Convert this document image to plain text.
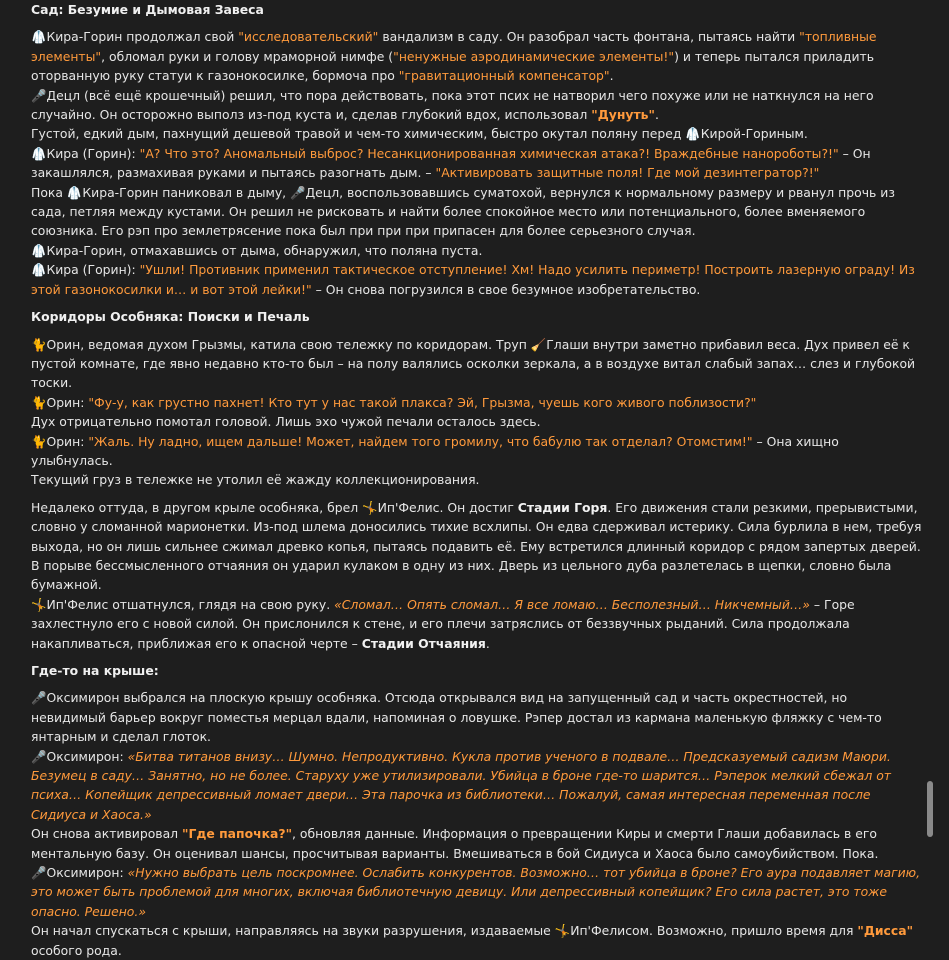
Сад: Безумие и Дымовая Завеса

🥼Кира-Горин продолжал свой "исследовательский" вандализм в саду. Он разобрал часть фонтана, пытаясь найти "топливные элементы", обломал руки и голову мраморной нимфе ("ненужные аэродинамические элементы!") и теперь пытался приладить оторванную руку статуи к газонокосилке, бормоча про "гравитационный компенсатор".

🎤Децл (всё ещё крошечный) решил, что пора действовать, пока этот псих не натворил чего похуже или не наткнулся на него случайно. Он осторожно выполз из-под куста и, сделав глубокий вдох, использовал "Дунуть".

Густой, едкий дым, пахнущий дешевой травой и чем-то химическим, быстро окутал поляну перед 🥼Кирой-Гориным.

🥼Кира (Горин): "А? Что это? Аномальный выброс? Несанкционированная химическая атака?! Враждебные нанороботы?!" – Он закашлялся, размахивая руками и пытаясь разогнать дым. – "Активировать защитные поля! Где мой дезинтегратор?!"

Пока 🥼Кира-Горин паниковал в дыму, 🎤Децл, воспользовавшись суматохой, вернулся к нормальному размеру и рванул прочь из сада, петляя между кустами. Он решил не рисковать и найти более спокойное место или потенциального, более вменяемого союзника. Его рэп про землетрясение пока был при при при припасен для более серьезного случая.

🥼Кира-Горин, отмахавшись от дыма, обнаружил, что поляна пуста.

🥼Кира (Горин): "Ушли! Противник применил тактическое отступление! Хм! Надо усилить периметр! Построить лазерную ограду! Из этой газонокосилки и… и вот этой лейки!" – Он снова погрузился в свое безумное изобретательство.

Коридоры Особняка: Поиски и Печаль

🐈Орин, ведомая духом Грызмы, катила свою тележку по коридорам. Труп 🧹Глаши внутри заметно прибавил веса. Дух привел её к пустой комнате, где явно недавно кто-то был – на полу валялись осколки зеркала, а в воздухе витал слабый запах… слез и глубокой тоски.

🐈Орин: "Фу-у, как грустно пахнет! Кто тут у нас такой плакса? Эй, Грызма, чуешь кого живого поблизости?"

Дух отрицательно помотал головой. Лишь эхо чужой печали осталось здесь.

🐈Орин: "Жаль. Ну ладно, ищем дальше! Может, найдем того громилу, что бабулю так отделал? Отомстим!" – Она хищно улыбнулась.

Текущий груз в тележке не утолил её жажду коллекционирования.

Недалеко оттуда, в другом крыле особняка, брел 🤸Ип'Фелис. Он достиг Стадии Горя. Его движения стали резкими, прерывистыми, словно у сломанной марионетки. Из-под шлема доносились тихие всхлипы. Он едва сдерживал истерику. Сила бурлила в нем, требуя выхода, но он лишь сильнее сжимал древко копья, пытаясь подавить её. Ему встретился длинный коридор с рядом запертых дверей. В порыве бессмысленного отчаяния он ударил кулаком в одну из них. Дверь из цельного дуба разлетелась в щепки, словно была бумажной.

🤸Ип'Фелис отшатнулся, глядя на свою руку. «Сломал… Опять сломал… Я все ломаю… Бесполезный… Никчемный…» – Горе захлестнуло его с новой силой. Он прислонился к стене, и его плечи затряслись от беззвучных рыданий. Сила продолжала накапливаться, приближая его к опасной черте – Стадии Отчаяния.

Где-то на крыше:

🎤Оксимирон выбрался на плоскую крышу особняка. Отсюда открывался вид на запущенный сад и часть окрестностей, но невидимый барьер вокруг поместья мерцал вдали, напоминая о ловушке. Рэпер достал из кармана маленькую фляжку с чем-то янтарным и сделал глоток.

🎤Оксимирон: «Битва титанов внизу… Шумно. Непродуктивно. Кукла против ученого в подвале… Предсказуемый садизм Маюри. Безумец в саду… Занятно, но не более. Старуху уже утилизировали. Убийца в броне где-то шарится… Рэперок мелкий сбежал от психа… Копейщик депрессивный ломает двери… Эта парочка из библиотеки… Пожалуй, самая интересная переменная после Сидиуса и Хаоса.»

Он снова активировал "Где папочка?", обновляя данные. Информация о превращении Киры и смерти Глаши добавилась в его ментальную базу. Он оценивал шансы, просчитывая варианты. Вмешиваться в бой Сидиуса и Хаоса было самоубийством. Пока.

🎤Оксимирон: «Нужно выбрать цель поскромнее. Ослабить конкурентов. Возможно… тот убийца в броне? Его аура подавляет магию, это может быть проблемой для многих, включая библиотечную девицу. Или депрессивный копейщик? Его сила растет, это тоже опасно. Решено.»

Он начал спускаться с крыши, направляясь на звуки разрушения, издаваемые 🤸Ип'Фелисом. Возможно, пришло время для "Дисса" особого рода.
